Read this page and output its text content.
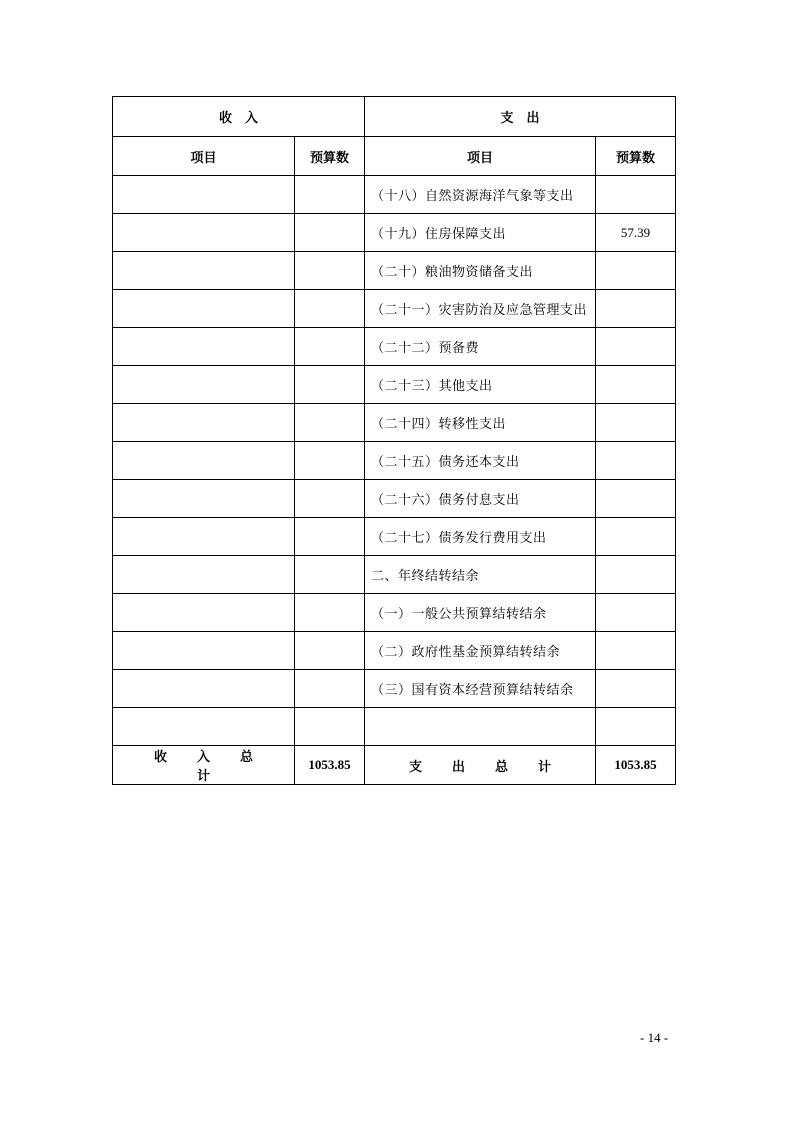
收　入		支　出	
项目	预算数	项目	预算数
		（十八）自然资源海洋气象等支出	
		（十九）住房保障支出	57.39
		（二十）粮油物资储备支出	
		（二十一）灾害防治及应急管理支出	
		（二十二）预备费	
		（二十三）其他支出	
		（二十四）转移性支出	
		（二十五）债务还本支出	
		（二十六）债务付息支出	
		（二十七）债务发行费用支出	
		二、年终结转结余	
		（一）一般公共预算结转结余	
		（二）政府性基金预算结转结余	
		（三）国有资本经营预算结转结余	

收入总计	1053.85	支出总计	1053.85
- 14 -
